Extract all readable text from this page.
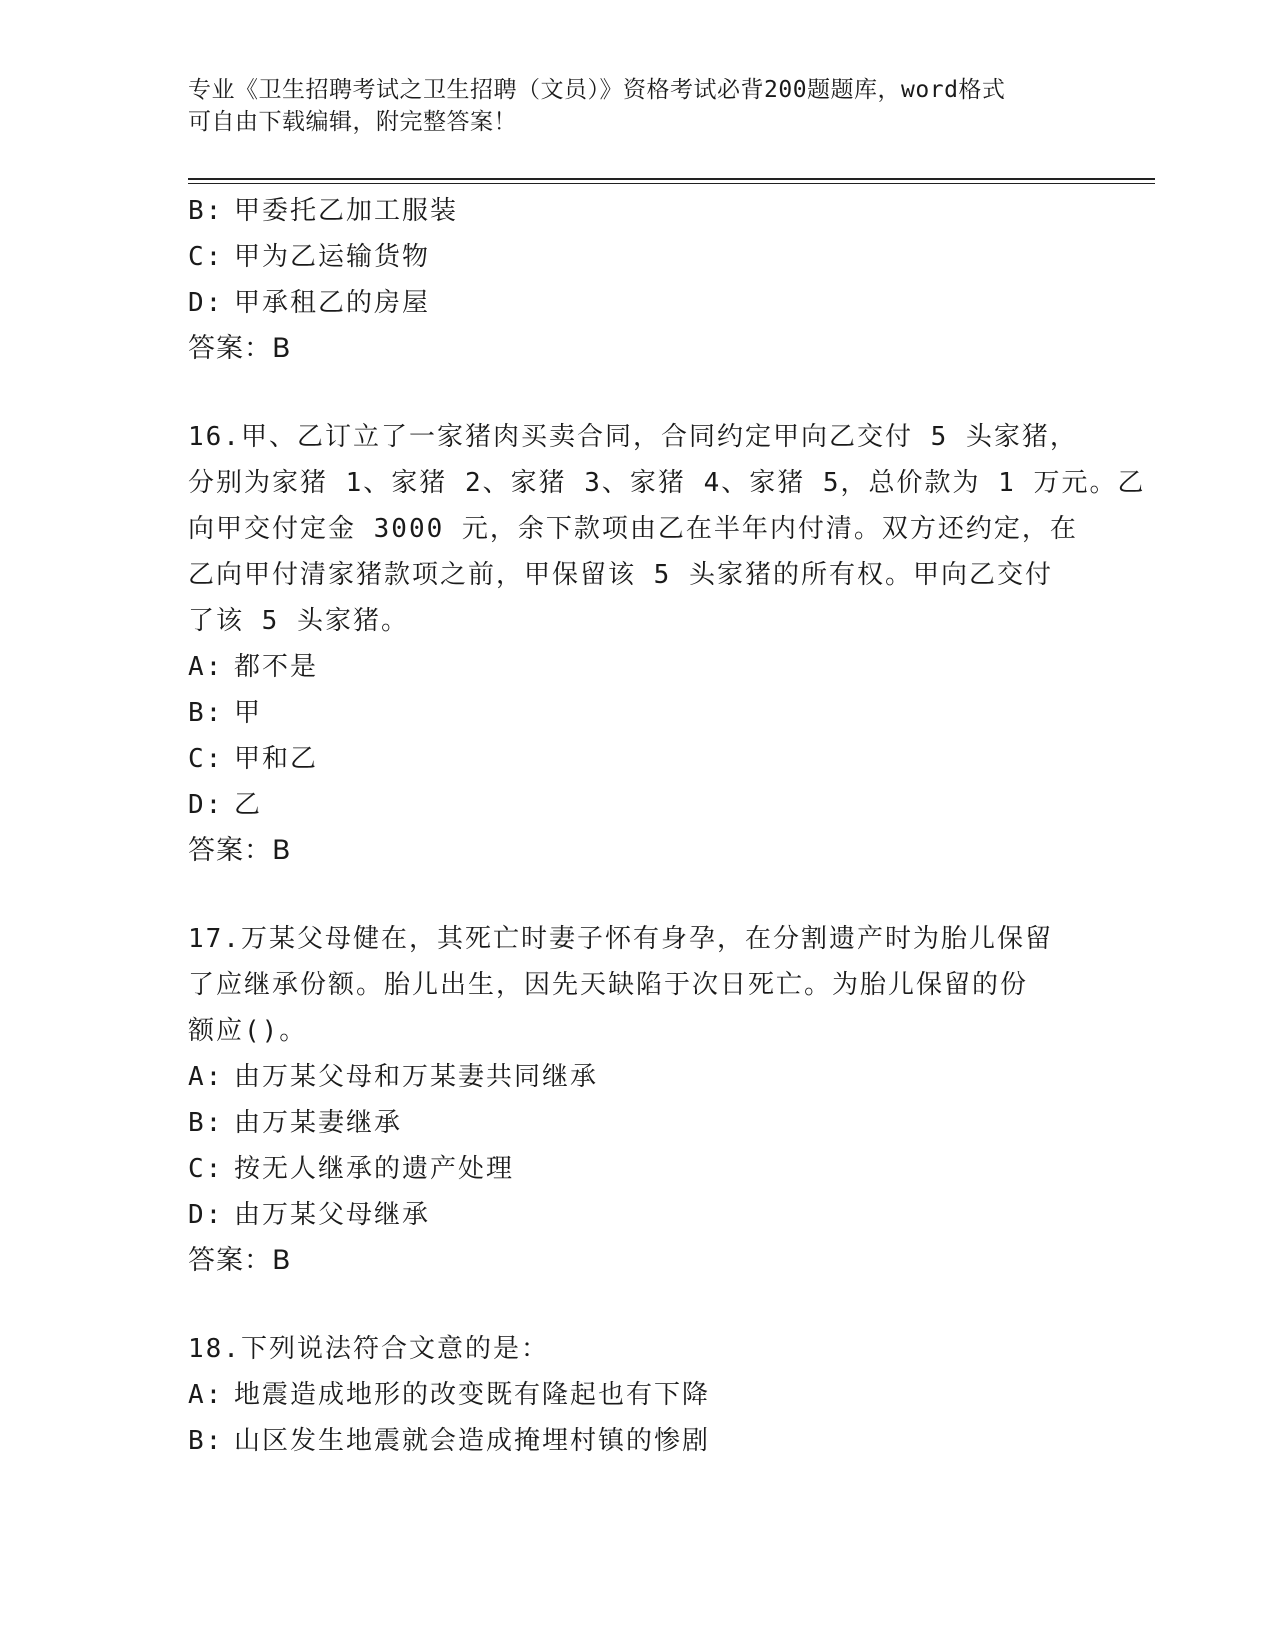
专业《卫生招聘考试之卫生招聘（文员）》资格考试必背200题题库，word格式
可自由下载编辑，附完整答案！
B: 甲委托乙加工服装
C: 甲为乙运输货物
D: 甲承租乙的房屋
答案：B
16.甲、乙订立了一家猪肉买卖合同，合同约定甲向乙交付 5 头家猪，
分别为家猪 1、家猪 2、家猪 3、家猪 4、家猪 5，总价款为 1 万元。乙
向甲交付定金 3000 元，余下款项由乙在半年内付清。双方还约定，在
乙向甲付清家猪款项之前，甲保留该 5 头家猪的所有权。甲向乙交付
了该 5 头家猪。
A: 都不是
B: 甲
C: 甲和乙
D: 乙
答案：B
17.万某父母健在，其死亡时妻子怀有身孕，在分割遗产时为胎儿保留
了应继承份额。胎儿出生，因先天缺陷于次日死亡。为胎儿保留的份
额应()。
A: 由万某父母和万某妻共同继承
B: 由万某妻继承
C: 按无人继承的遗产处理
D: 由万某父母继承
答案：B
18.下列说法符合文意的是：
A: 地震造成地形的改变既有隆起也有下降
B: 山区发生地震就会造成掩埋村镇的惨剧
